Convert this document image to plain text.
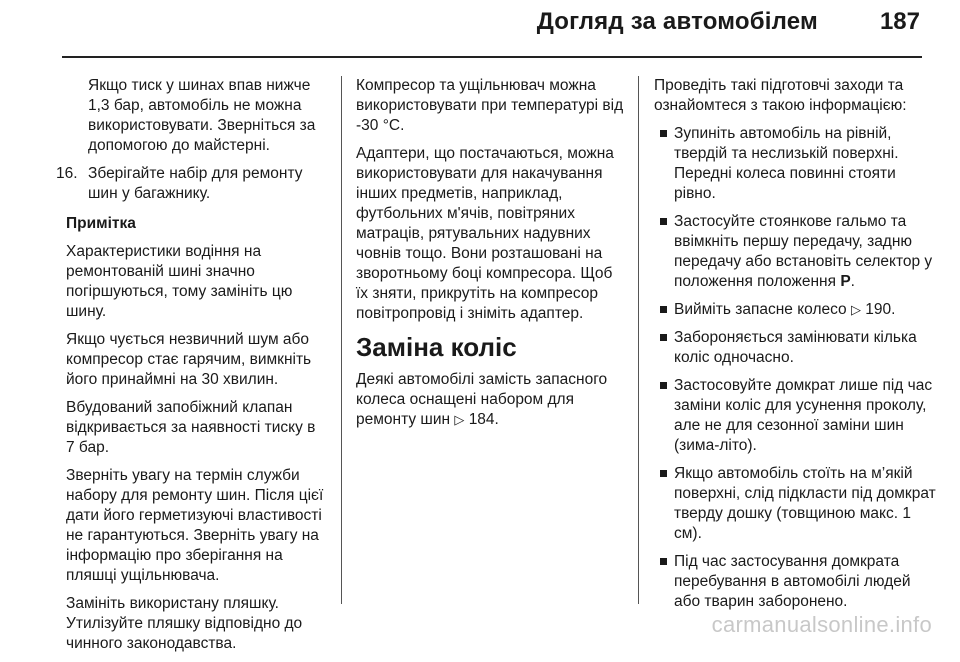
Догляд за автомобілем	187

Якщо тиск у шинах впав нижче 1,3 бар, автомобіль не можна використовувати. Зверніться за допомогою до майстерні.

16. Зберігайте набір для ремонту шин у багажнику.

Примітка

Характеристики водіння на ремонтованій шині значно погіршуються, тому замініть цю шину.

Якщо чується незвичний шум або компресор стає гарячим, вимкніть його принаймні на 30 хвилин.

Вбудований запобіжний клапан відкривається за наявності тиску в 7 бар.

Зверніть увагу на термін служби набору для ремонту шин. Після цієї дати його герметизуючі властивості не гарантуються. Зверніть увагу на інформацію про зберігання на пляшці ущільнювача.

Замініть використану пляшку. Утилізуйте пляшку відповідно до чинного законодавства.

Компресор та ущільнювач можна використовувати при температурі від -30 °C.

Адаптери, що постачаються, можна використовувати для накачування інших предметів, наприклад, футбольних м'ячів, повітряних матраців, рятувальних надувних човнів тощо. Вони розташовані на зворотньому боці компресора. Щоб їх зняти, прикрутіть на компресор повітропровід і зніміть адаптер.

Заміна коліс

Деякі автомобілі замість запасного колеса оснащені набором для ремонту шин ▷ 184.

Проведіть такі підготовчі заходи та ознайомтеся з такою інформацією:

Зупиніть автомобіль на рівній, твердій та неслизькій поверхні. Передні колеса повинні стояти рівно.
Застосуйте стоянкове гальмо та ввімкніть першу передачу, задню передачу або встановіть селектор у положення положення P.
Вийміть запасне колесо ▷ 190.
Забороняється замінювати кілька коліс одночасно.
Застосовуйте домкрат лише під час заміни коліс для усунення проколу, але не для сезонної заміни шин (зима-літо).
Якщо автомобіль стоїть на м’якій поверхні, слід підкласти під домкрат тверду дошку (товщиною макс. 1 см).
Під час застосування домкрата перебування в автомобілі людей або тварин заборонено.
carmanualsonline.info
